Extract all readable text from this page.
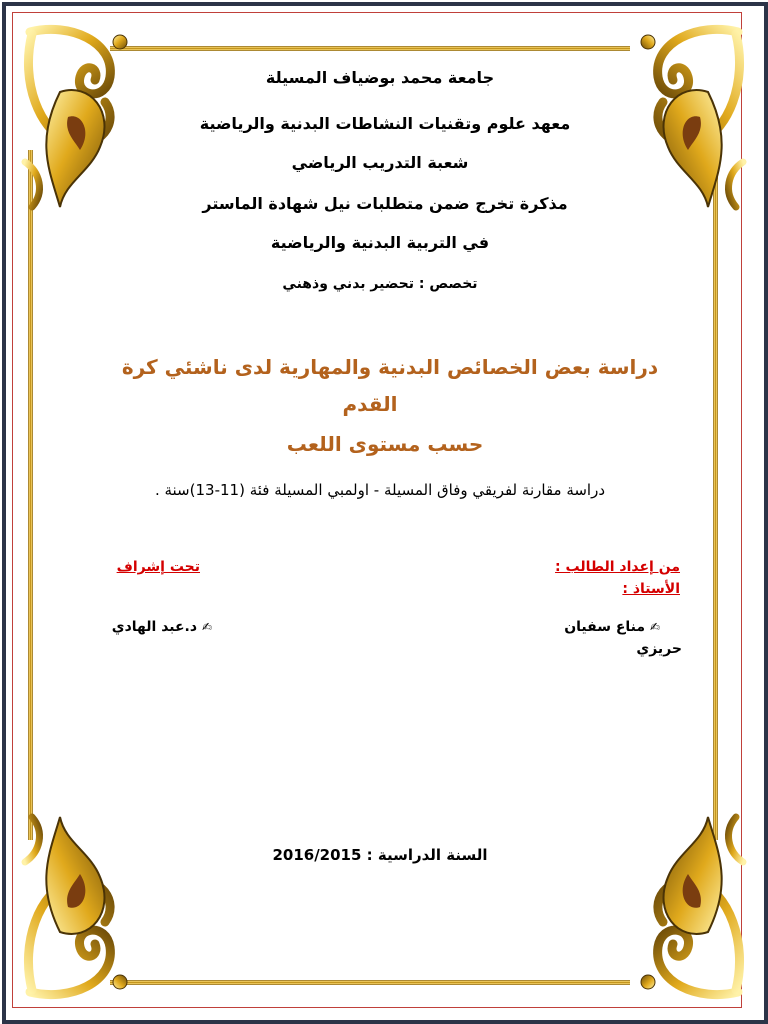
جامعة محمد بوضياف المسيلة
معهد علوم وتقنيات النشاطات البدنية والرياضية
شعبة التدريب الرياضي
مذكرة تخرج ضمن متطلبات نيل شهادة الماستر
في التربية البدنية والرياضية
تخصص : تحضير بدني وذهني
دراسة بعض الخصائص البدنية والمهارية لدى ناشئي كرة
القدم
حسب مستوى اللعب
دراسة مقارنة لفريقي وفاق المسيلة - اولمبي المسيلة فئة (11-13)سنة .
من إعداد الطالب :
الأستاذ :
تحت إشراف
✍ مناع سفيان
حريزي
✍ د.عبد الهادي
السنة الدراسية : 2016/2015
